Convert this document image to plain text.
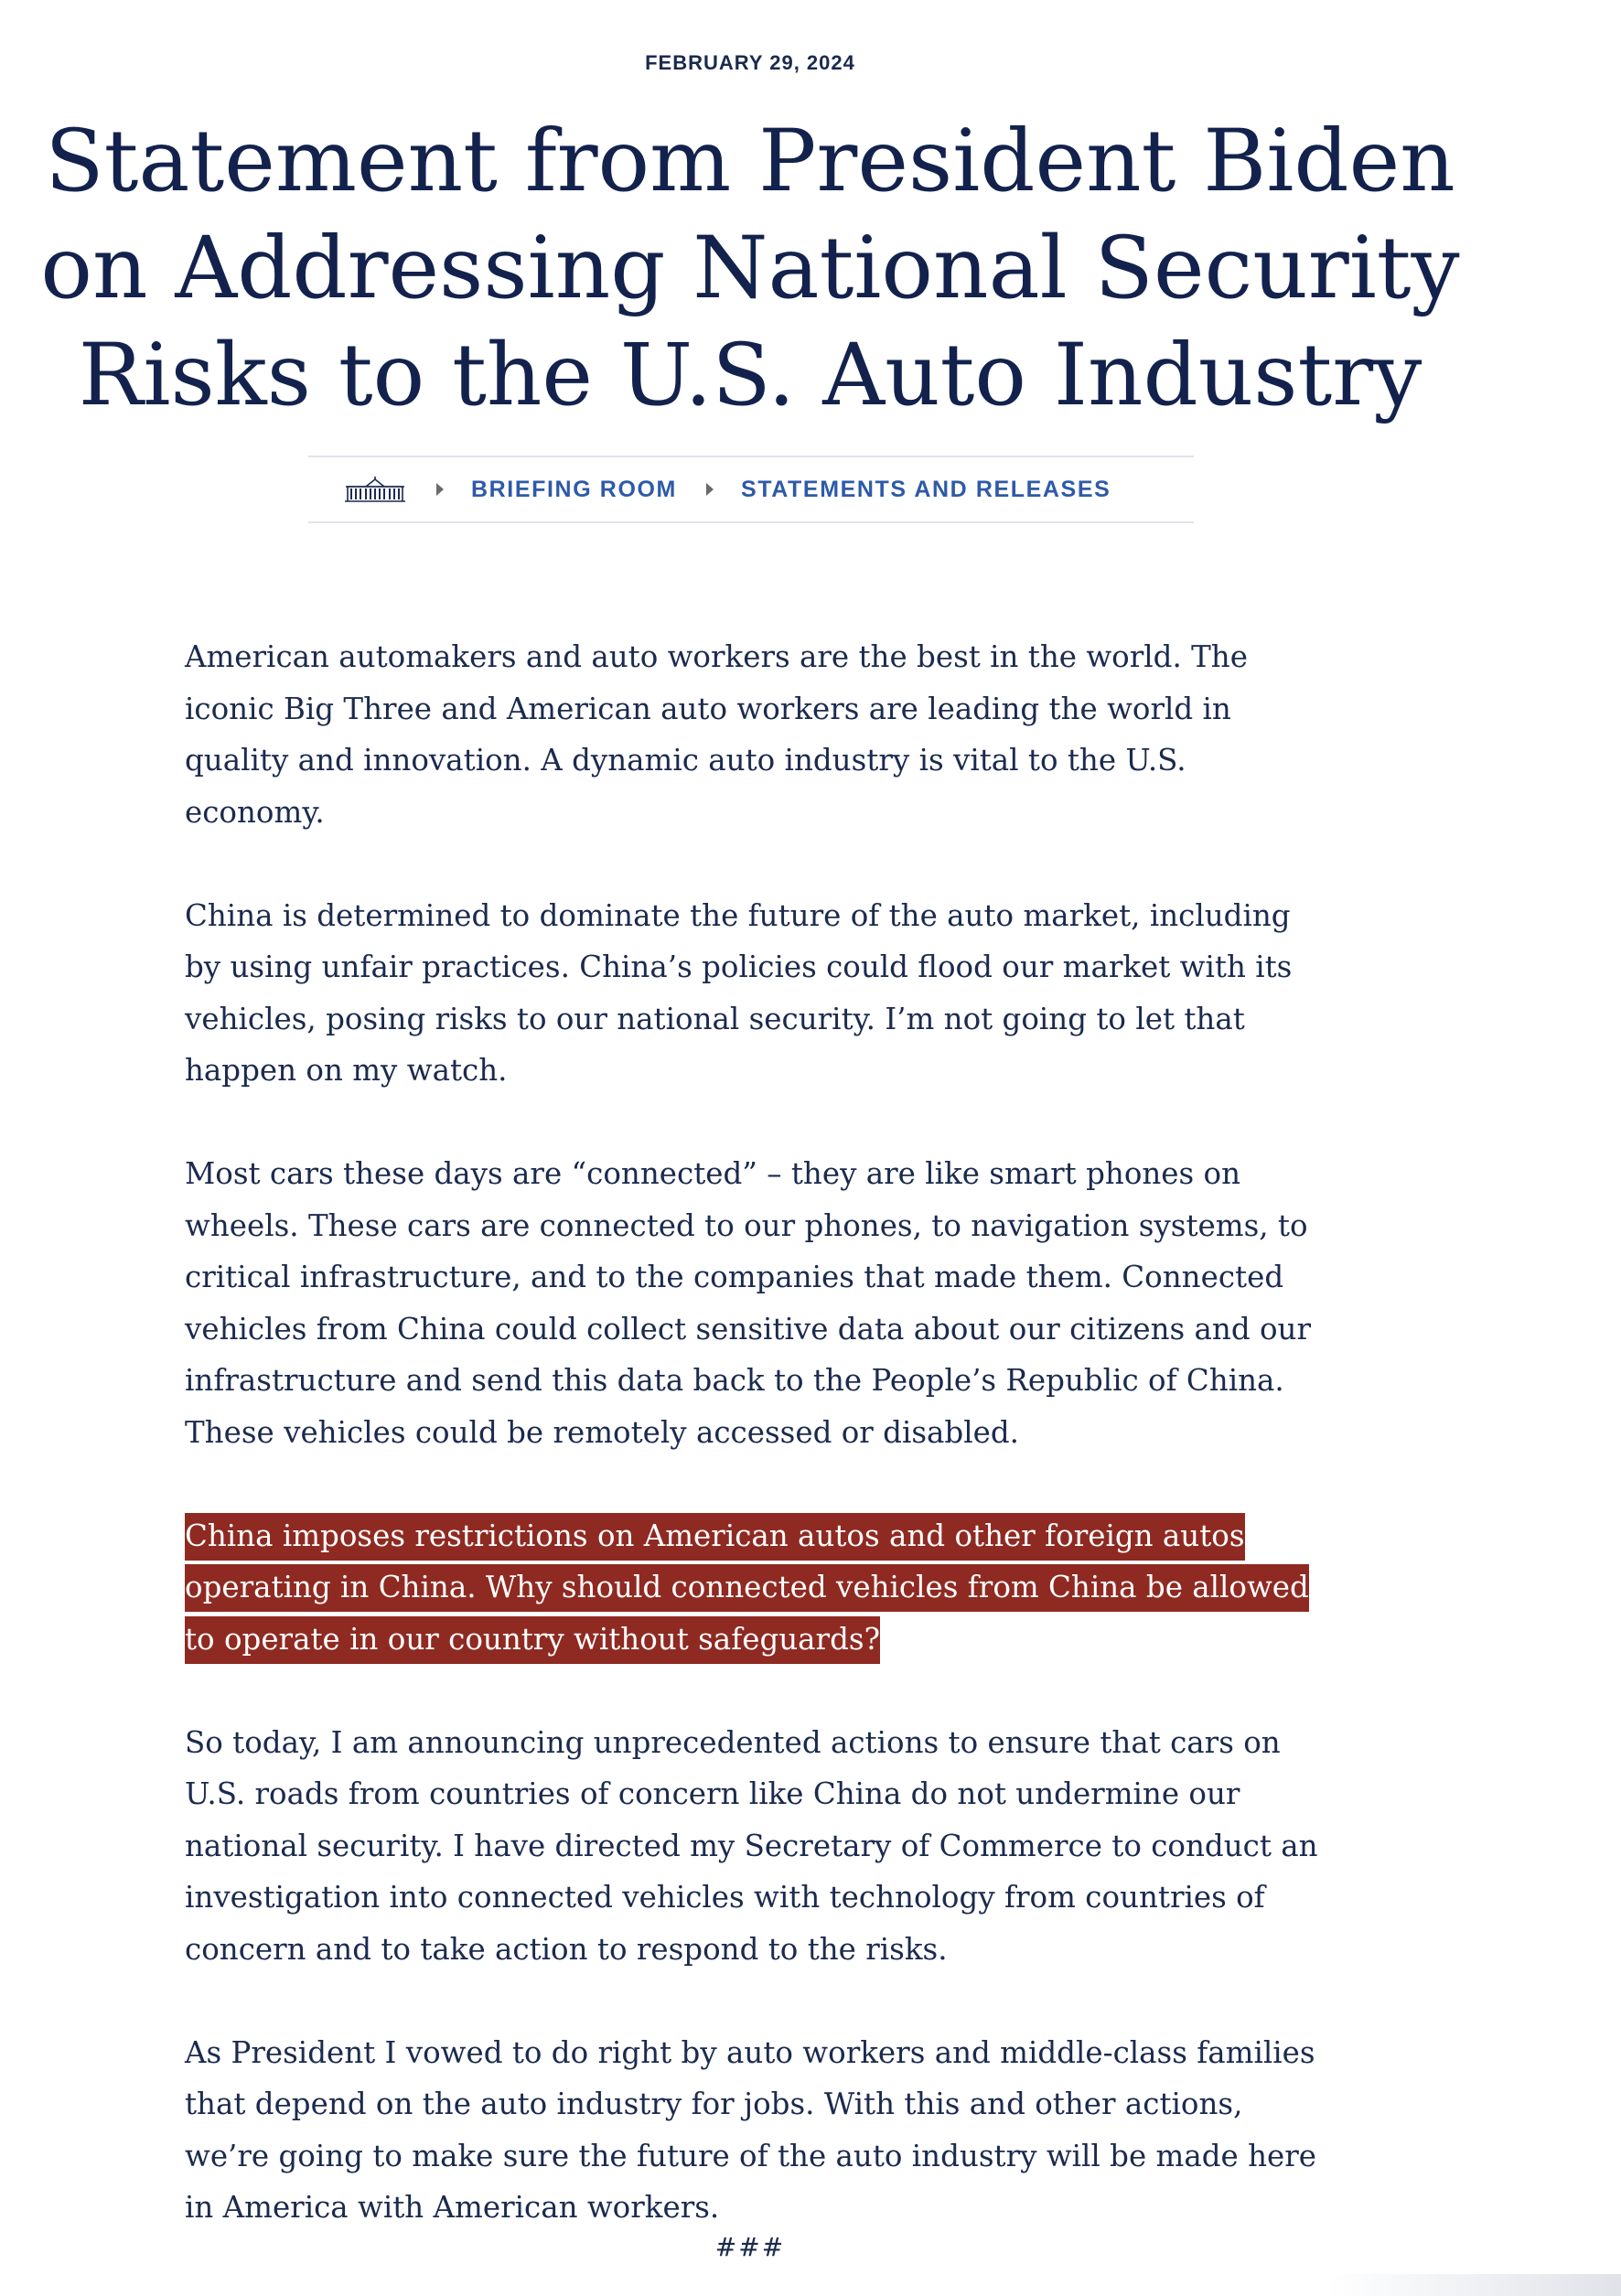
FEBRUARY 29, 2024
Statement from President Biden on Addressing National Security Risks to the U.S. Auto Industry
BRIEFING ROOM	STATEMENTS AND RELEASES

American automakers and auto workers are the best in the world. The iconic Big Three and American auto workers are leading the world in quality and innovation. A dynamic auto industry is vital to the U.S. economy.

China is determined to dominate the future of the auto market, including by using unfair practices. China’s policies could flood our market with its vehicles, posing risks to our national security. I’m not going to let that happen on my watch.

Most cars these days are “connected” – they are like smart phones on wheels. These cars are connected to our phones, to navigation systems, to critical infrastructure, and to the companies that made them. Connected vehicles from China could collect sensitive data about our citizens and our infrastructure and send this data back to the People’s Republic of China. These vehicles could be remotely accessed or disabled.

China imposes restrictions on American autos and other foreign autos operating in China. Why should connected vehicles from China be allowed to operate in our country without safeguards?

So today, I am announcing unprecedented actions to ensure that cars on U.S. roads from countries of concern like China do not undermine our national security. I have directed my Secretary of Commerce to conduct an investigation into connected vehicles with technology from countries of concern and to take action to respond to the risks.

As President I vowed to do right by auto workers and middle-class families that depend on the auto industry for jobs. With this and other actions, we’re going to make sure the future of the auto industry will be made here in America with American workers.

###
